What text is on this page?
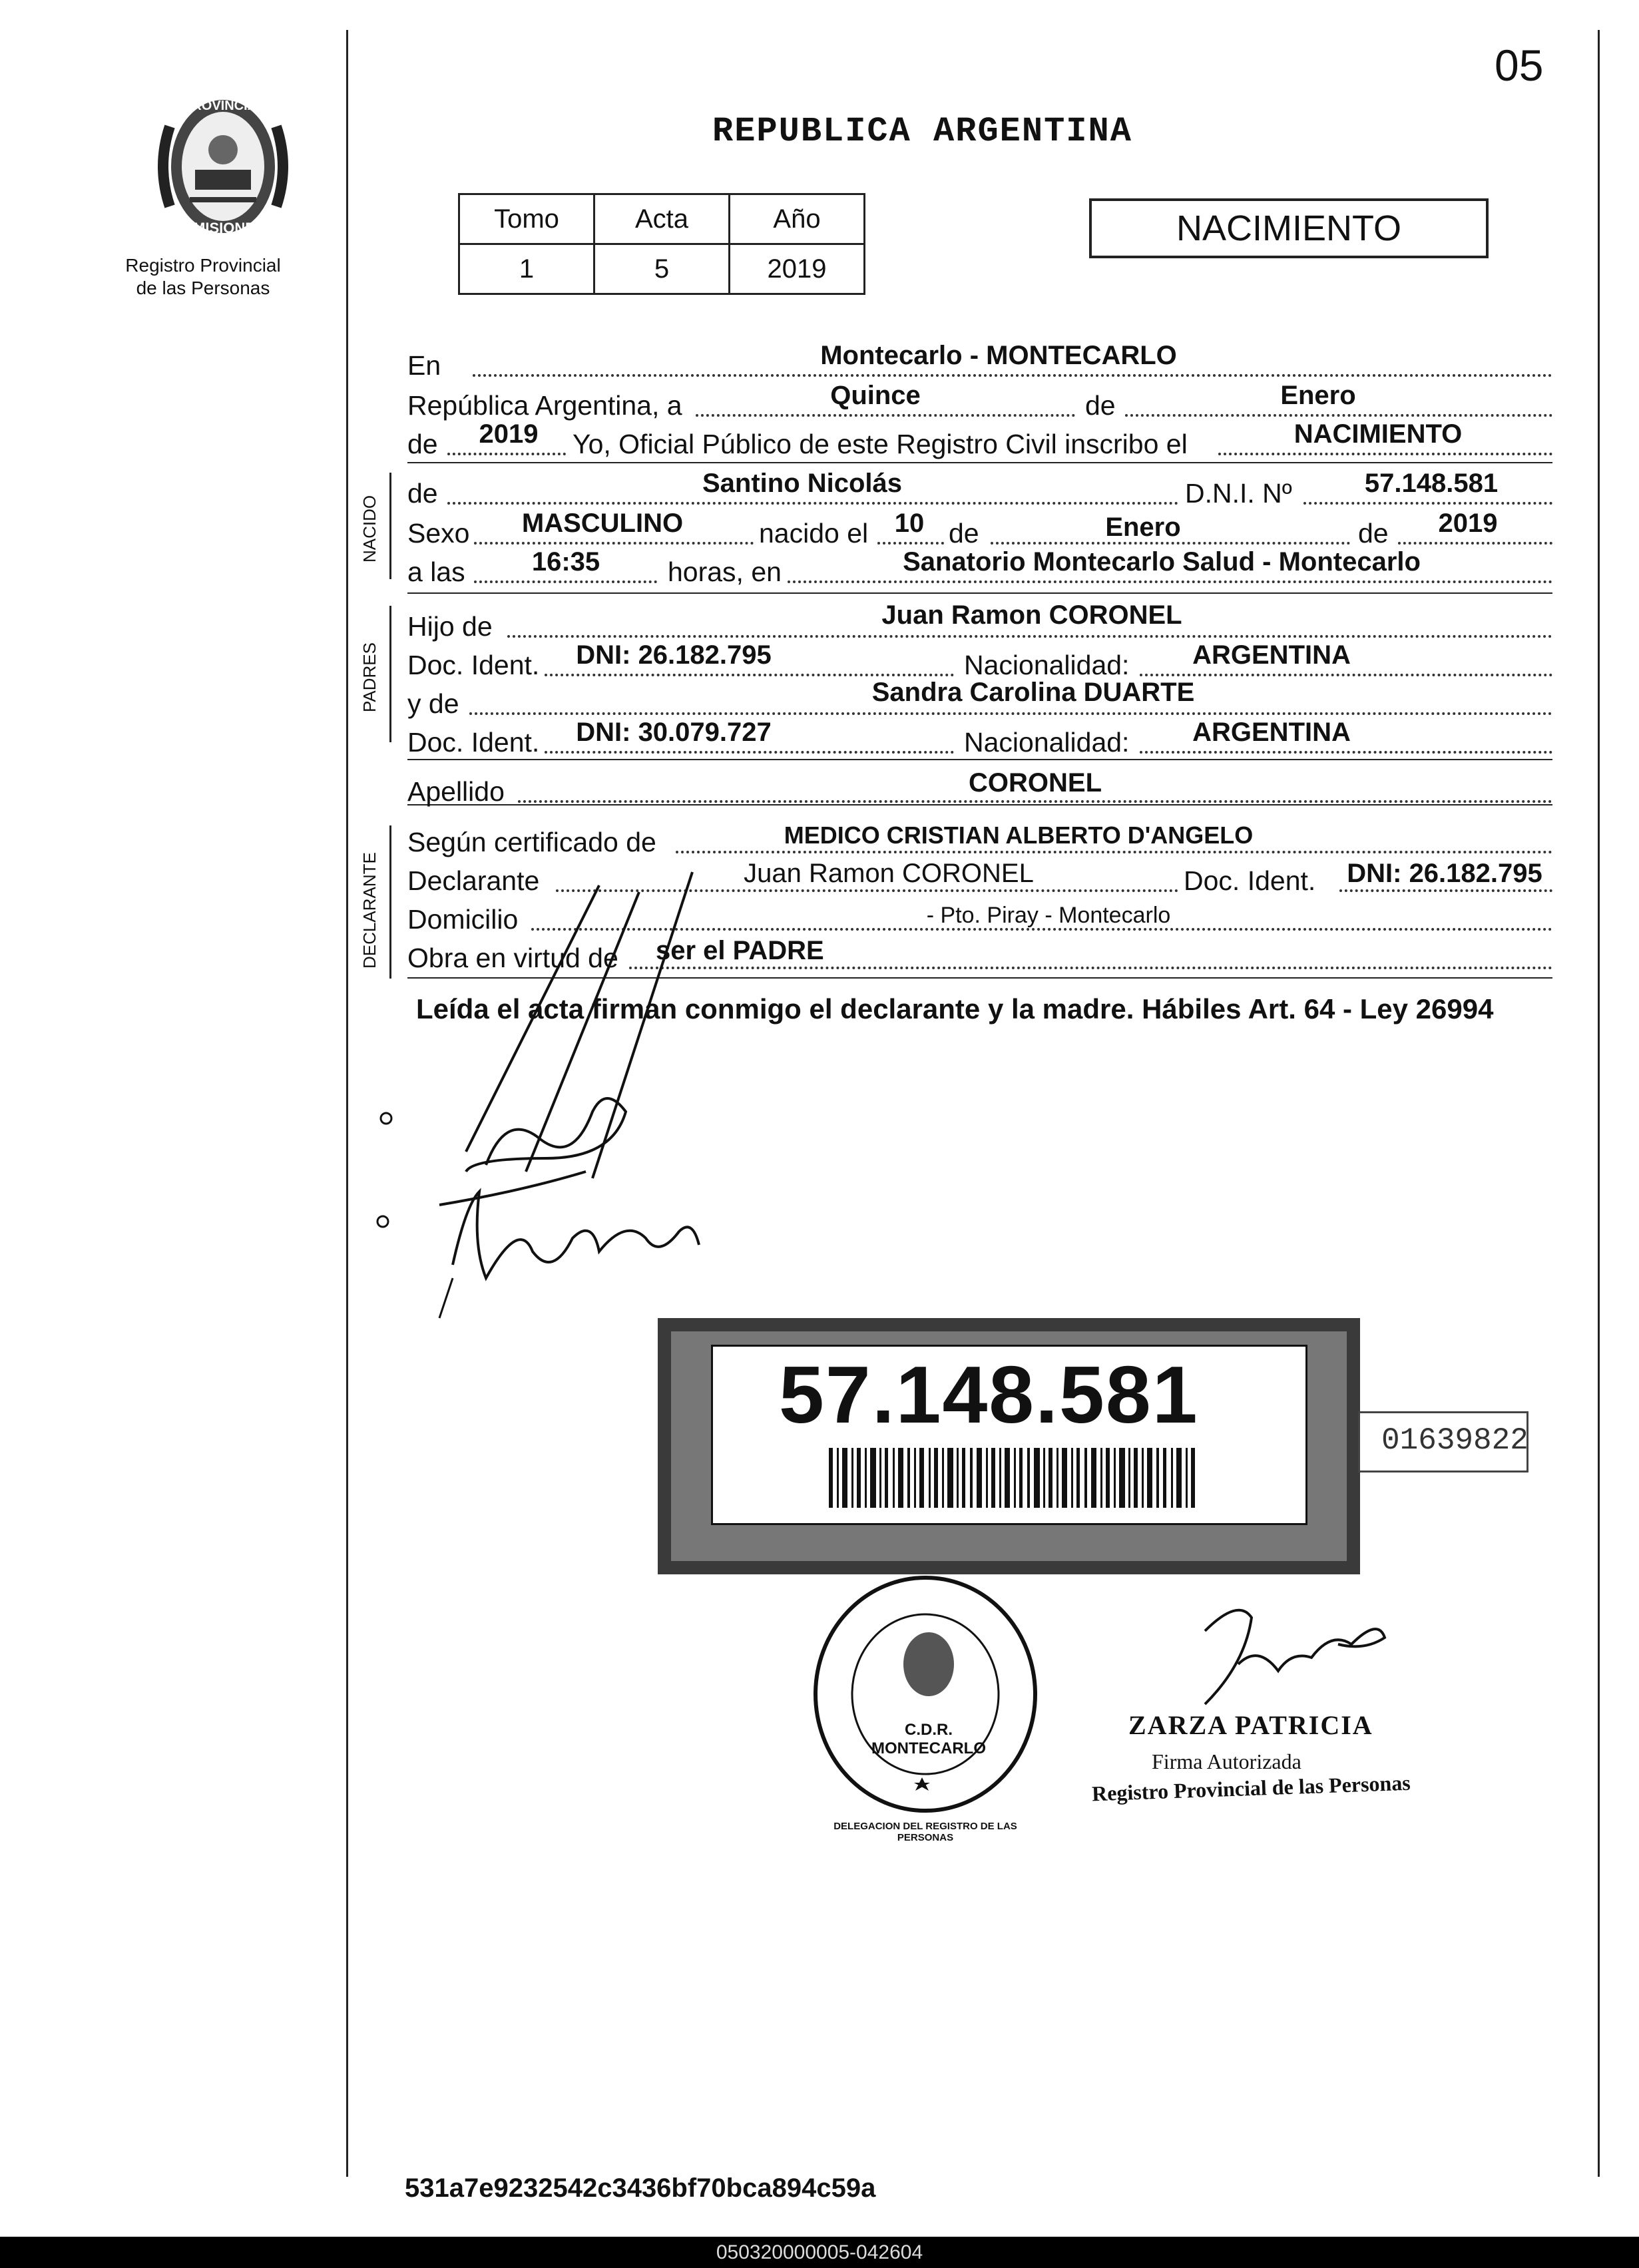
05
REPUBLICA ARGENTINA
PROVINCIA DE
MISIONES
Registro Provincial
de las Personas
Tomo	Acta	Año
1	5	2019
NACIMIENTO
NACIDO
PADRES
DECLARANTE
En	Montecarlo - MONTECARLO
República Argentina, a	Quince	de	Enero
de 2019 Yo, Oficial Público de este Registro Civil inscribo el	NACIMIENTO
de	Santino Nicolás	D.N.I. Nº	57.148.581
Sexo MASCULINO	nacido el 10 de	Enero	de 2019
a las	16:35 horas, en	Sanatorio Montecarlo Salud - Montecarlo
Hijo de	Juan Ramon CORONEL
Doc. Ident. DNI: 26.182.795	Nacionalidad: ARGENTINA
y de	Sandra Carolina DUARTE
Doc. Ident. DNI: 30.079.727	Nacionalidad: ARGENTINA
Apellido	CORONEL
Según certificado de	MEDICO CRISTIAN ALBERTO D'ANGELO
Declarante	Juan Ramon CORONEL	Doc. Ident. DNI: 26.182.795
Domicilio	- Pto. Piray - Montecarlo
Obra en virtud de ser el PADRE
Leída el acta firman conmigo el declarante y la madre. Hábiles Art. 64 - Ley 26994
57.148.581
01639822
DELEGACION DEL REGISTRO DE LAS PERSONAS
C.D.R. MONTECARLO
ZARZA PATRICIA
Firma Autorizada
Registro Provincial de las Personas
531a7e9232542c3436bf70bca894c59a
050320000005-042604
